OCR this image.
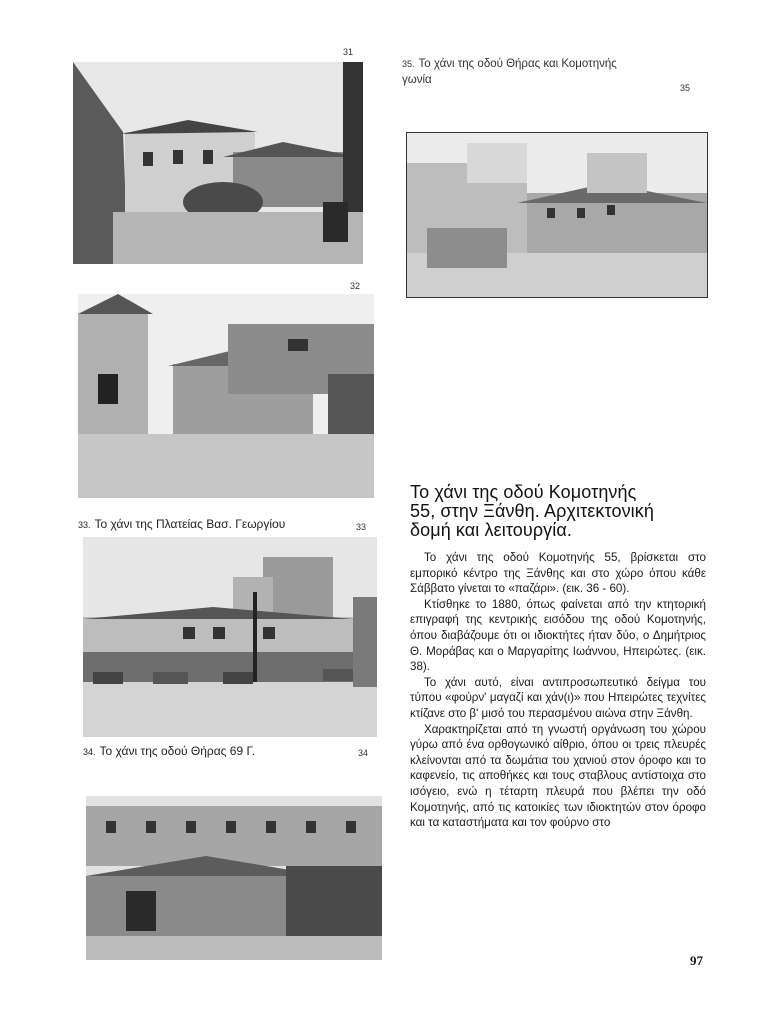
31
35. Το χάνι της οδού Θήρας και Κομοτηνής
γωνία
35
32
33. Το χάνι της Πλατείας Βασ. Γεωργίου	33
34. Το χάνι της οδού Θήρας 69 Γ.	34
Το χάνι της οδού Κομοτηνής
55, στην Ξάνθη. Αρχιτεκτονική
δομή και λειτουργία.

Το χάνι της οδού Κομοτηνής 55, βρίσκεται στο εμπορικό κέντρο της Ξάνθης και στο χώρο όπου κάθε Σάββατο γίνεται το «παζάρι». (εικ. 36 - 60).

Κτίσθηκε το 1880, όπως φαίνεται από την κτητορική επιγραφή της κεντρικής εισόδου της οδού Κομοτηνής, όπου διαβάζουμε ότι οι ιδιοκτήτες ήταν δύο, ο Δημήτριος Θ. Μοράβας και ο Μαργαρίτης Ιωάννου, Ηπειρώτες. (εικ. 38).

Το χάνι αυτό, είναι αντιπροσωπευτικό δείγμα του τύπου «φούρν' μαγαζί και χάν(ι)» που Ηπειρώτες τεχνίτες κτίζανε στο β' μισό του περασμένου αιώνα στην Ξάνθη.

Χαρακτηρίζεται από τη γνωστή οργάνωση του χώρου γύρω από ένα ορθογωνικό αίθριο, όπου οι τρεις πλευρές κλείνονται από τα δωμάτια του χανιού στον όροφο και το καφενείο, τις αποθήκες και τους σταβλους αντίστοιχα στο ισόγειο, ενώ η τέταρτη πλευρά που βλέπει την οδό Κομοτηνής, από τις κατοικίες των ιδιοκτητών στον όροφο και τα καταστήματα και τον φούρνο στο

97
